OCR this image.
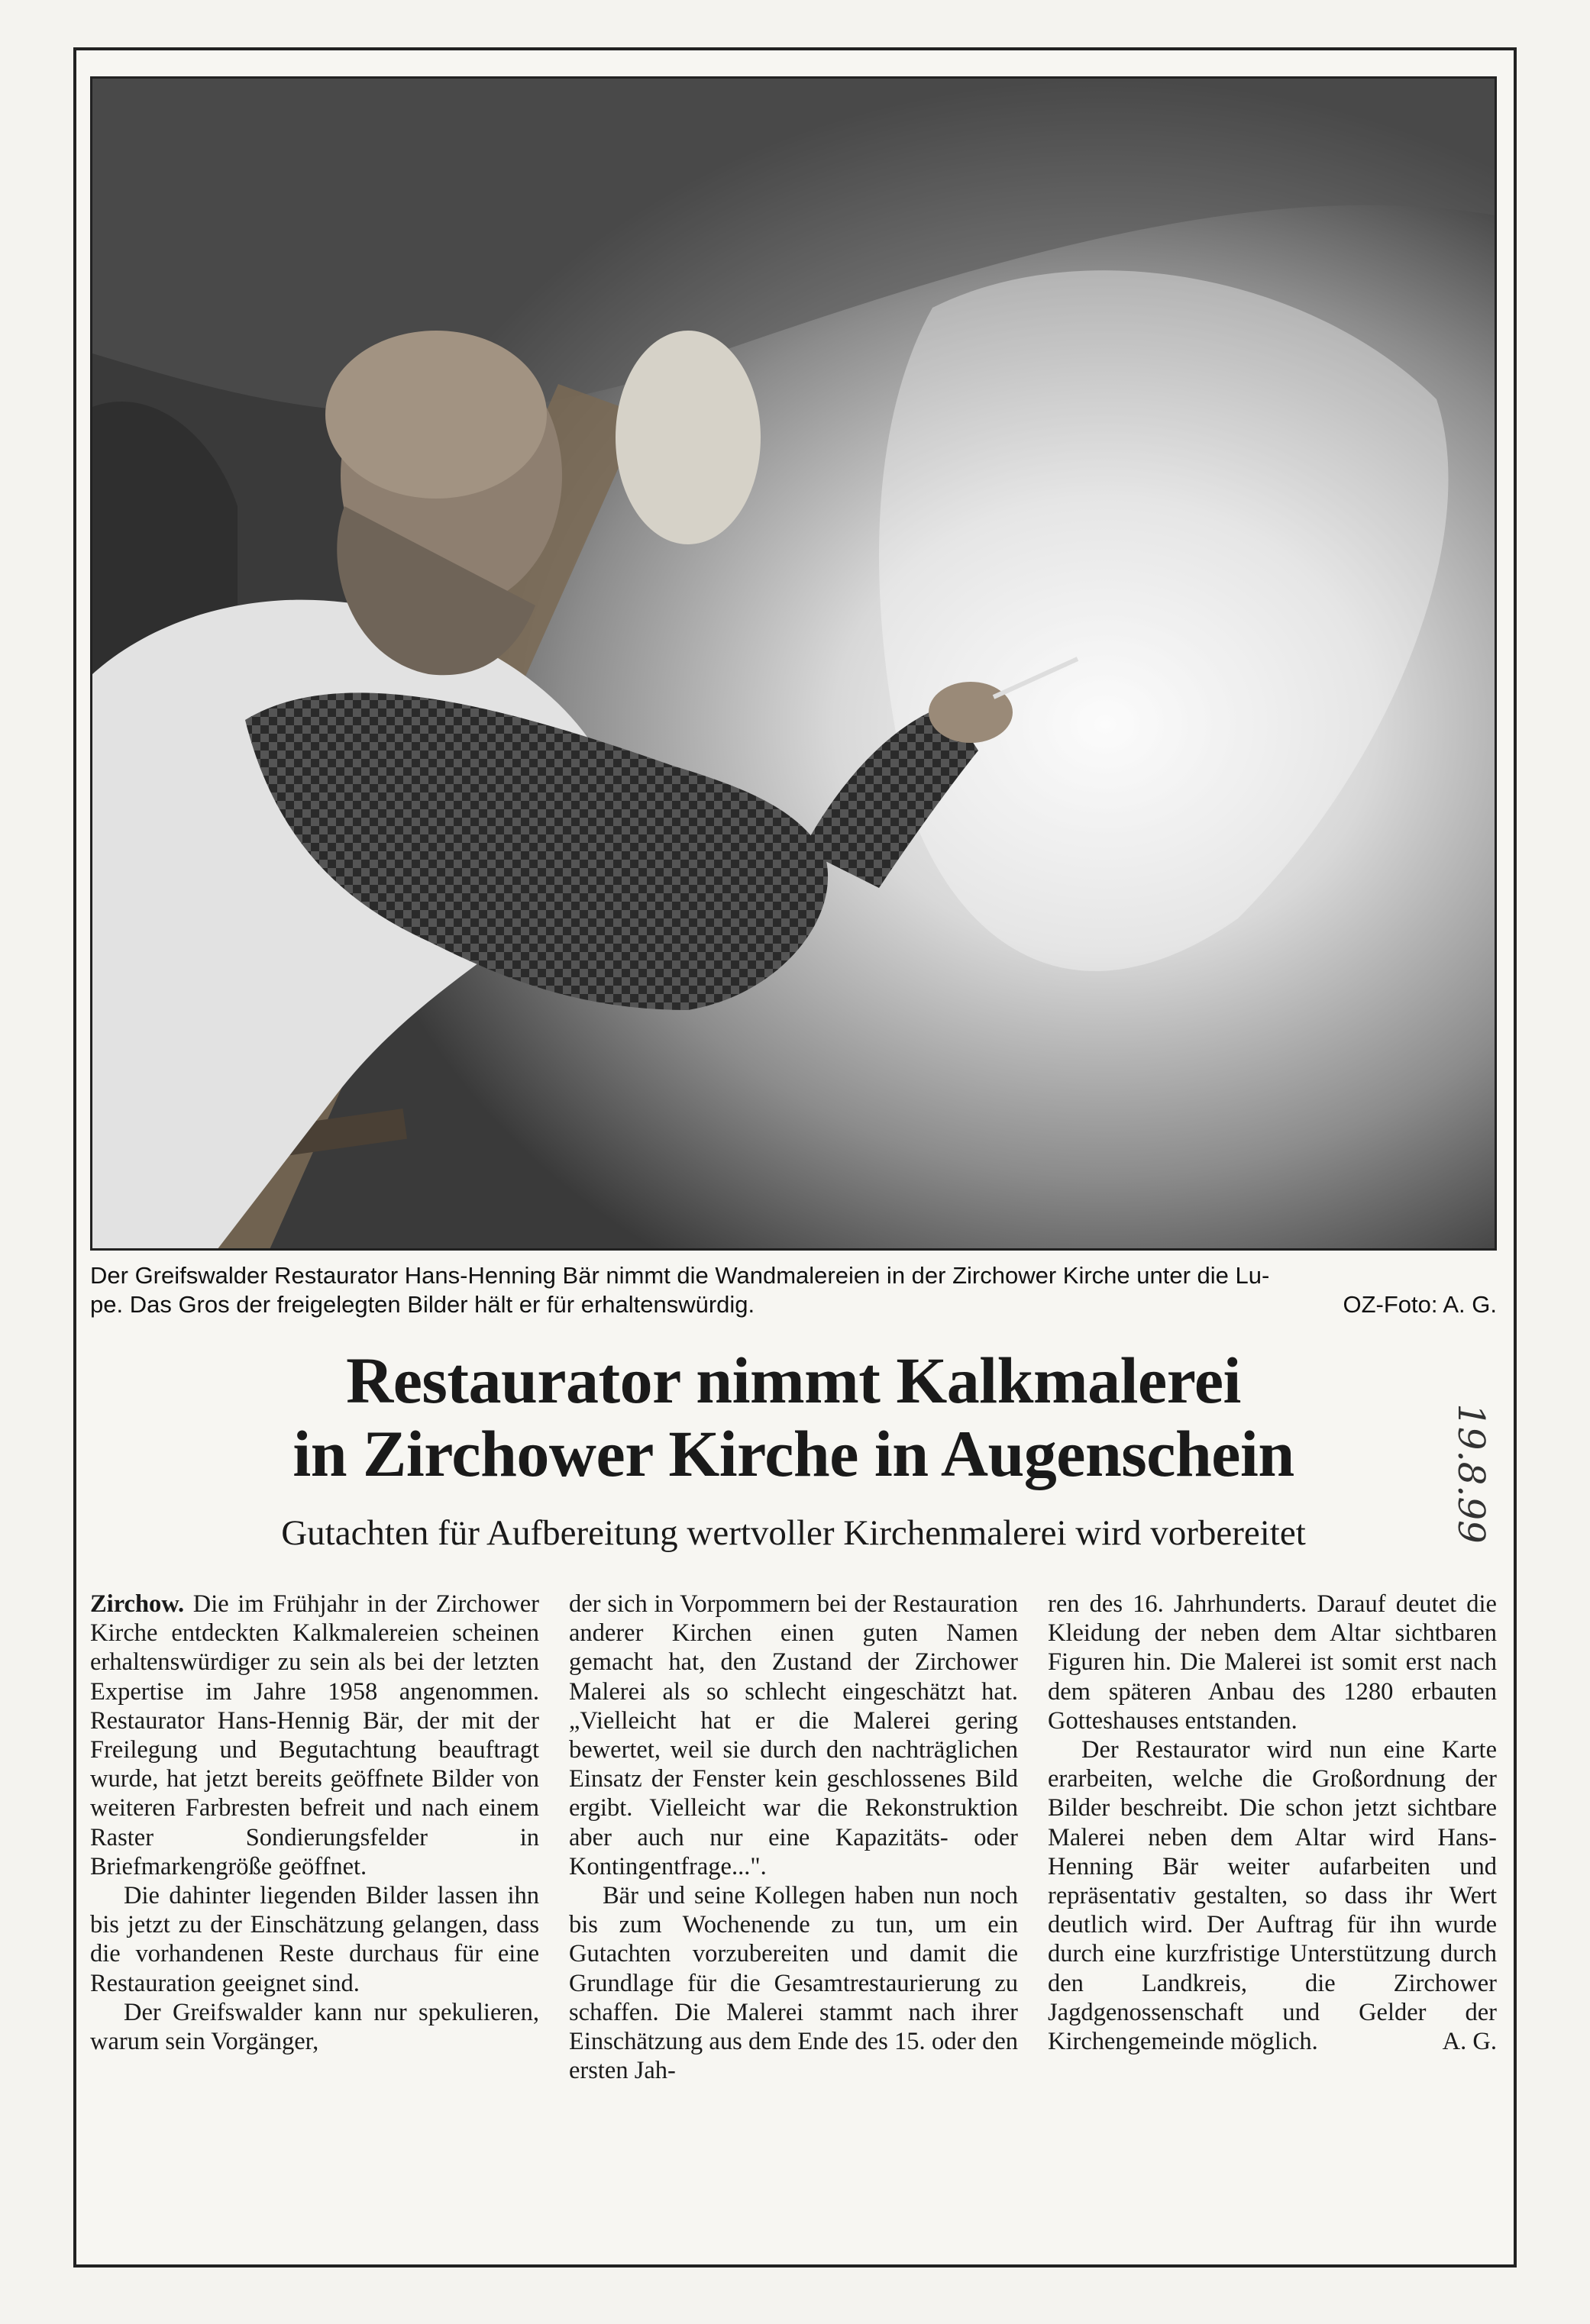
Der Greifswalder Restaurator Hans-Henning Bär nimmt die Wandmalereien in der Zirchower Kirche unter die Lu-
pe. Das Gros der freigelegten Bilder hält er für erhaltenswürdig.	OZ-Foto: A. G.
Restaurator nimmt Kalkmalerei
in Zirchower Kirche in Augenschein
Gutachten für Aufbereitung wertvoller Kirchenmalerei wird vorbereitet	19.8.99

Zirchow. Die im Frühjahr in der Zirchower Kirche entdeckten Kalkmalereien scheinen erhaltenswürdiger zu sein als bei der letzten Expertise im Jahre 1958 angenommen. Restaurator Hans-Hennig Bär, der mit der Freilegung und Begutachtung beauftragt wurde, hat jetzt bereits geöffnete Bilder von weiteren Farbresten befreit und nach einem Raster Sondierungsfelder in Briefmarkengröße geöffnet.

Die dahinter liegenden Bilder lassen ihn bis jetzt zu der Einschätzung gelangen, dass die vorhandenen Reste durchaus für eine Restauration geeignet sind.

Der Greifswalder kann nur spekulieren, warum sein Vorgänger,

der sich in Vorpommern bei der Restauration anderer Kirchen einen guten Namen gemacht hat, den Zustand der Zirchower Malerei als so schlecht eingeschätzt hat. „Vielleicht hat er die Malerei gering bewertet, weil sie durch den nachträglichen Einsatz der Fenster kein geschlossenes Bild ergibt. Vielleicht war die Rekonstruktion aber auch nur eine Kapazitäts- oder Kontingentfrage...".

Bär und seine Kollegen haben nun noch bis zum Wochenende zu tun, um ein Gutachten vorzubereiten und damit die Grundlage für die Gesamtrestaurierung zu schaffen. Die Malerei stammt nach ihrer Einschätzung aus dem Ende des 15. oder den ersten Jah-

ren des 16. Jahrhunderts. Darauf deutet die Kleidung der neben dem Altar sichtbaren Figuren hin. Die Malerei ist somit erst nach dem späteren Anbau des 1280 erbauten Gotteshauses entstanden.

Der Restaurator wird nun eine Karte erarbeiten, welche die Großordnung der Bilder beschreibt. Die schon jetzt sichtbare Malerei neben dem Altar wird Hans-Henning Bär weiter aufarbeiten und repräsentativ gestalten, so dass ihr Wert deutlich wird. Der Auftrag für ihn wurde durch eine kurzfristige Unterstützung durch den Landkreis, die Zirchower Jagdgenossenschaft und Gelder der Kirchengemeinde möglich.	A. G.
